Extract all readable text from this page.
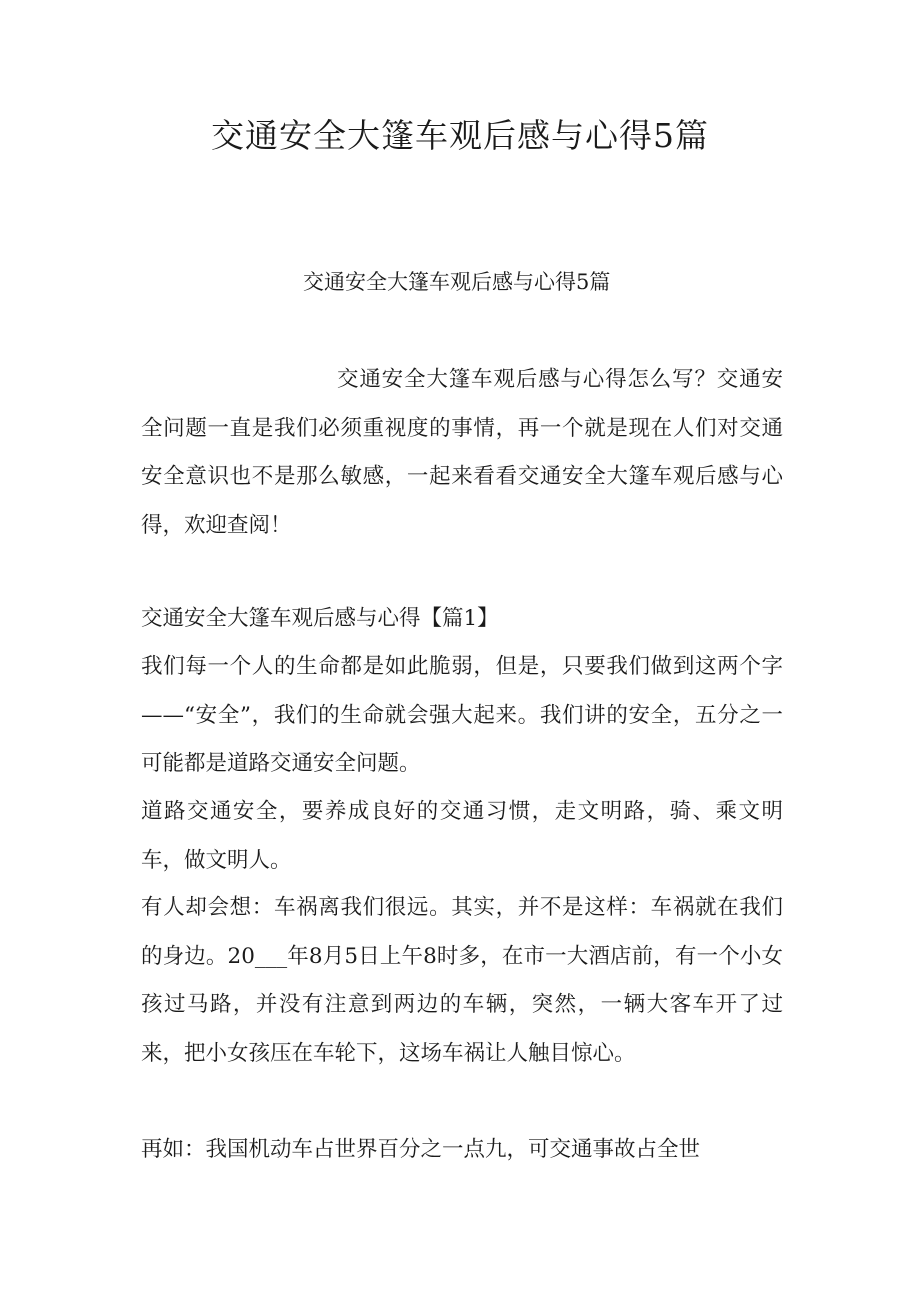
交通安全大篷车观后感与心得5篇

交通安全大篷车观后感与心得5篇

交通安全大篷车观后感与心得怎么写？交通安全问题一直是我们必须重视度的事情，再一个就是现在人们对交通安全意识也不是那么敏感，一起来看看交通安全大篷车观后感与心得，欢迎查阅！

交通安全大篷车观后感与心得【篇1】

我们每一个人的生命都是如此脆弱，但是，只要我们做到这两个字——“安全”，我们的生命就会强大起来。我们讲的安全，五分之一可能都是道路交通安全问题。

道路交通安全，要养成良好的交通习惯，走文明路，骑、乘文明车，做文明人。

有人却会想：车祸离我们很远。其实，并不是这样：车祸就在我们的身边。20___年8月5日上午8时多，在市一大酒店前，有一个小女孩过马路，并没有注意到两边的车辆，突然，一辆大客车开了过来，把小女孩压在车轮下，这场车祸让人触目惊心。

再如：我国机动车占世界百分之一点九，可交通事故占全世
